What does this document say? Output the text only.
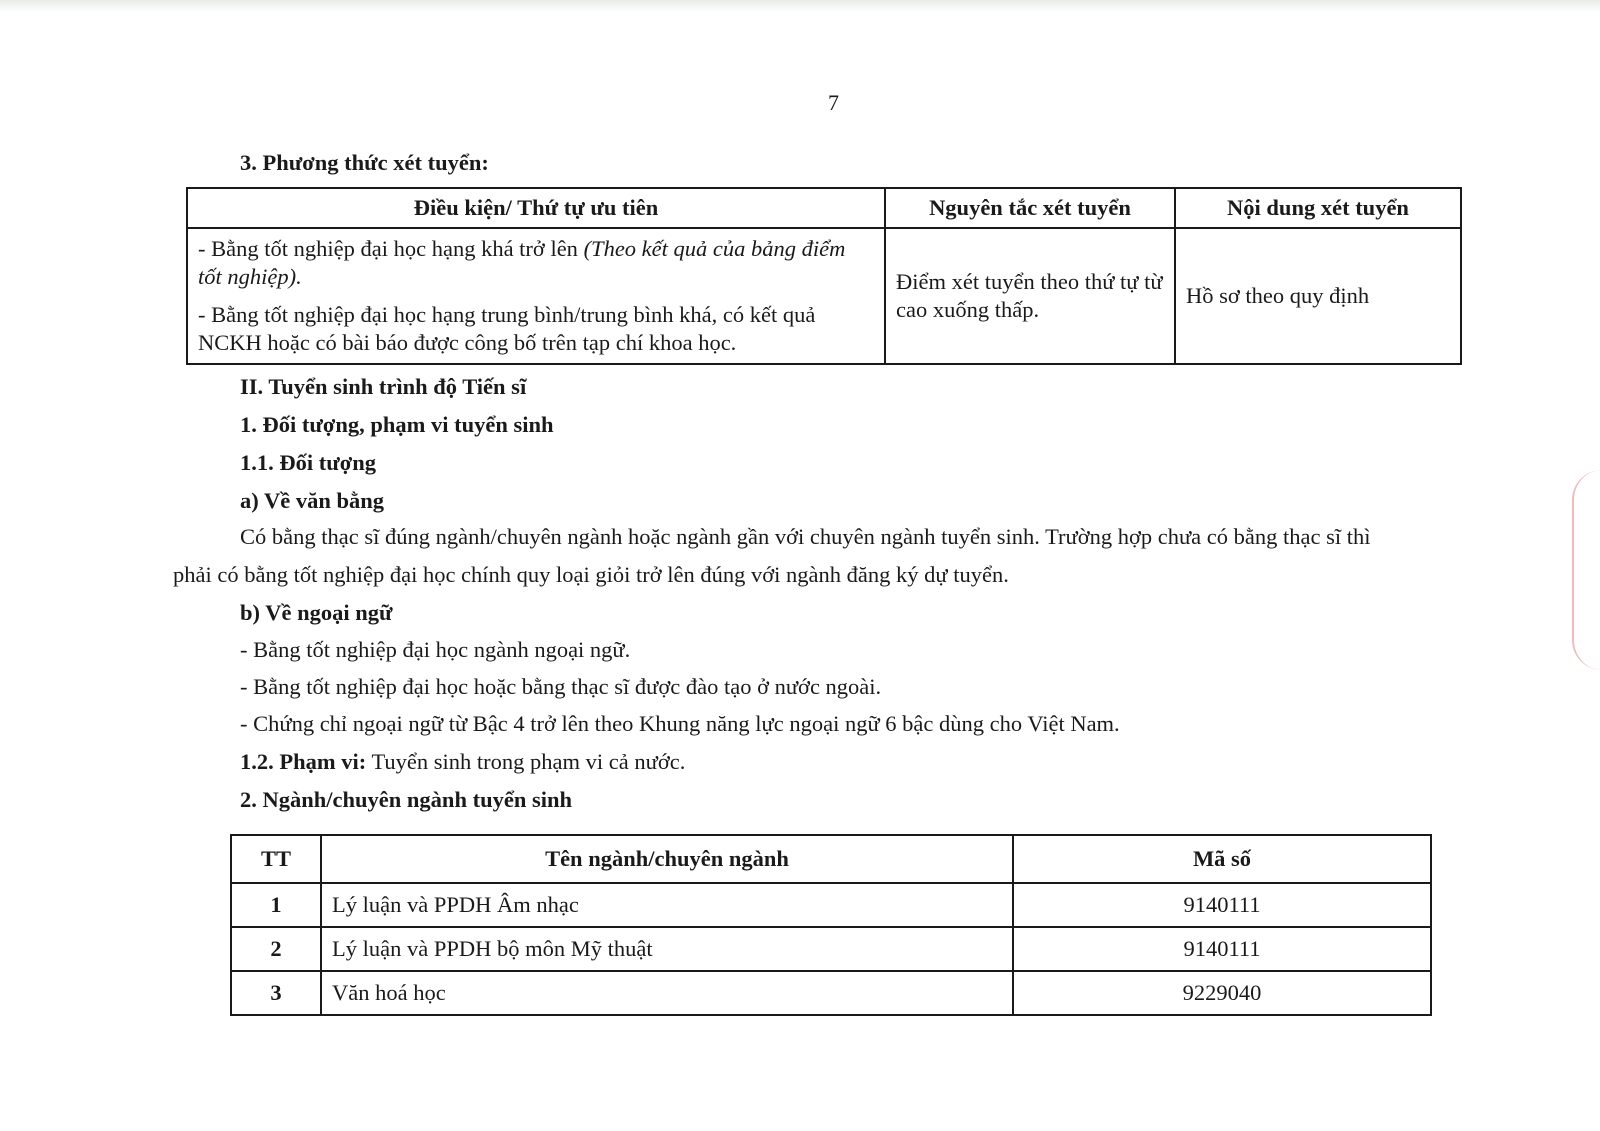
7
3. Phương thức xét tuyển:
Điều kiện/ Thứ tự ưu tiên	Nguyên tắc xét tuyển	Nội dung xét tuyển

- Bằng tốt nghiệp đại học hạng khá trở lên (Theo kết quả của bảng điểm tốt nghiệp).

- Bằng tốt nghiệp đại học hạng trung bình/trung bình khá, có kết quả NCKH hoặc có bài báo được công bố trên tạp chí khoa học.	Điểm xét tuyển theo thứ tự từ cao xuống thấp.	Hồ sơ theo quy định
II. Tuyển sinh trình độ Tiến sĩ
1. Đối tượng, phạm vi tuyển sinh
1.1. Đối tượng
a) Về văn bằng
Có bằng thạc sĩ đúng ngành/chuyên ngành hoặc ngành gần với chuyên ngành tuyển sinh. Trường hợp chưa có bằng thạc sĩ thì
phải có bằng tốt nghiệp đại học chính quy loại giỏi trở lên đúng với ngành đăng ký dự tuyển.
b) Về ngoại ngữ
- Bằng tốt nghiệp đại học ngành ngoại ngữ.
- Bằng tốt nghiệp đại học hoặc bằng thạc sĩ được đào tạo ở nước ngoài.
- Chứng chỉ ngoại ngữ từ Bậc 4 trở lên theo Khung năng lực ngoại ngữ 6 bậc dùng cho Việt Nam.
1.2. Phạm vi: Tuyển sinh trong phạm vi cả nước.
2. Ngành/chuyên ngành tuyển sinh
TT	Tên ngành/chuyên ngành	Mã số
1	Lý luận và PPDH Âm nhạc	9140111
2	Lý luận và PPDH bộ môn Mỹ thuật	9140111
3	Văn hoá học	9229040
